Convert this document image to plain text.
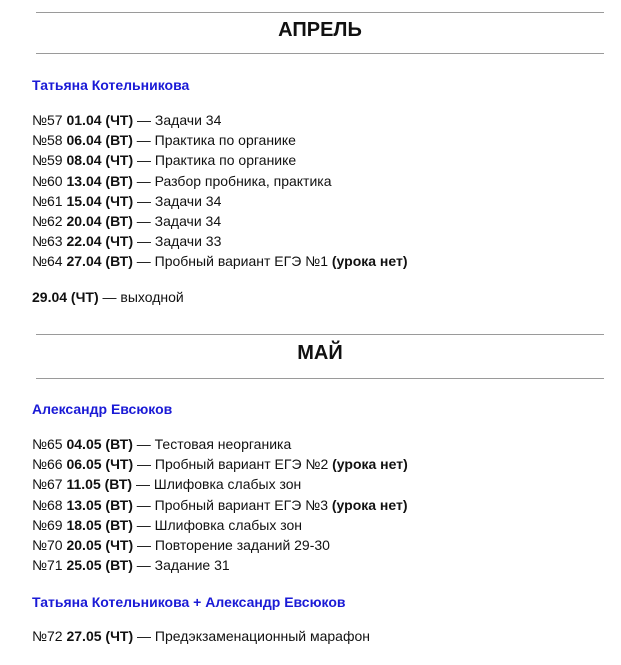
АПРЕЛЬ
Татьяна Котельникова
№57 01.04 (ЧТ) — Задачи 34
№58 06.04 (ВТ) — Практика по органике
№59 08.04 (ЧТ) — Практика по органике
№60 13.04 (ВТ) — Разбор пробника, практика
№61 15.04 (ЧТ) — Задачи 34
№62 20.04 (ВТ) — Задачи 34
№63 22.04 (ЧТ) — Задачи 33
№64 27.04 (ВТ) — Пробный вариант ЕГЭ №1 (урока нет)
29.04 (ЧТ) — выходной
МАЙ
Александр Евсюков
№65 04.05 (ВТ) — Тестовая неорганика
№66 06.05 (ЧТ) — Пробный вариант ЕГЭ №2 (урока нет)
№67 11.05 (ВТ) — Шлифовка слабых зон
№68 13.05 (ВТ) — Пробный вариант ЕГЭ №3 (урока нет)
№69 18.05 (ВТ) — Шлифовка слабых зон
№70 20.05 (ЧТ) — Повторение заданий 29-30
№71 25.05 (ВТ) — Задание 31
Татьяна Котельникова + Александр Евсюков
№72 27.05 (ЧТ) — Предэкзаменационный марафон
